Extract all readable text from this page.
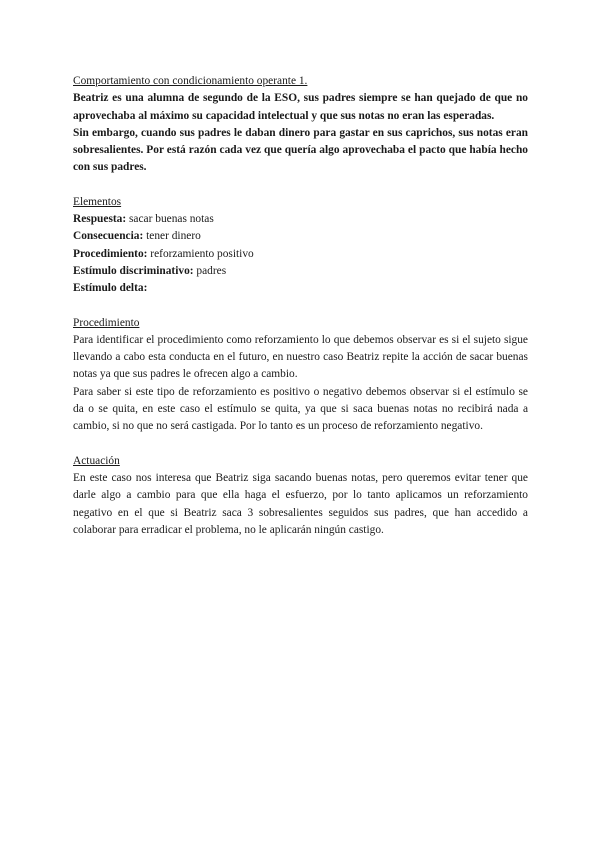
Comportamiento con condicionamiento operante 1.

Beatriz es una alumna de segundo de la ESO, sus padres siempre se han quejado de que no aprovechaba al máximo su capacidad intelectual y que sus notas no eran las esperadas.

Sin embargo, cuando sus padres le daban dinero para gastar en sus caprichos, sus notas eran sobresalientes. Por está razón cada vez que quería algo aprovechaba el pacto que había hecho con sus padres.

Elementos

Respuesta: sacar buenas notas

Consecuencia: tener dinero

Procedimiento: reforzamiento positivo

Estímulo discriminativo: padres

Estímulo delta:

Procedimiento

Para identificar el procedimiento como reforzamiento lo que debemos observar es si el sujeto sigue llevando a cabo esta conducta en el futuro, en nuestro caso Beatriz repite la acción de sacar buenas notas ya que sus padres le ofrecen algo a cambio.

Para saber si este tipo de reforzamiento es positivo o negativo debemos observar si el estímulo se da o se quita, en este caso el estímulo se quita, ya que si saca buenas notas no recibirá nada a cambio, si no que no será castigada. Por lo tanto es un proceso de reforzamiento negativo.

Actuación

En este caso nos interesa que Beatriz siga sacando buenas notas, pero queremos evitar tener que darle algo a cambio para que ella haga el esfuerzo, por lo tanto aplicamos un reforzamiento negativo en el que si Beatriz saca 3 sobresalientes seguidos sus padres, que han accedido a colaborar para erradicar el problema, no le aplicarán ningún castigo.
